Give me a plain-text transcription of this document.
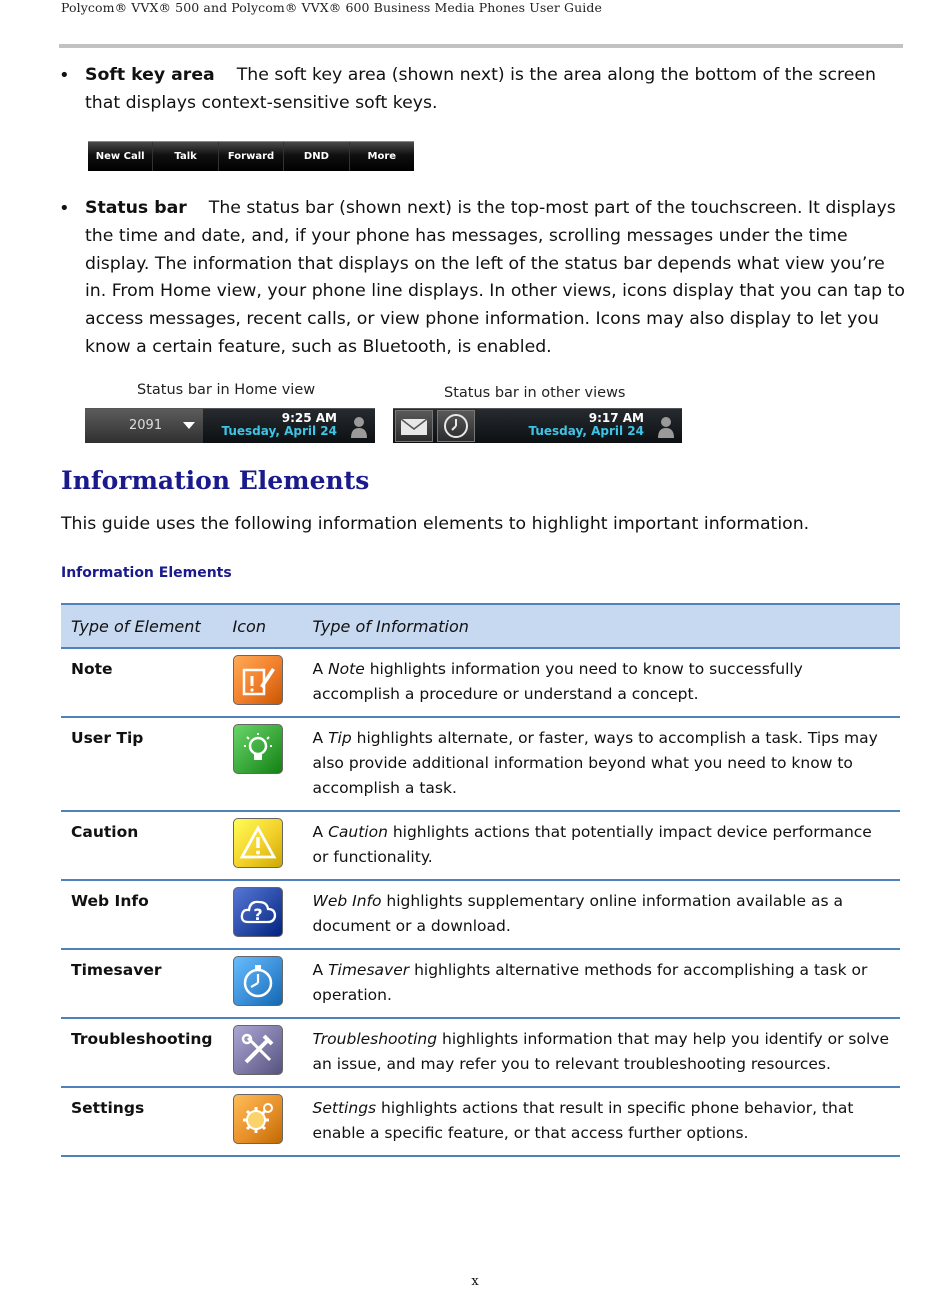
Polycom® VVX® 500 and Polycom® VVX® 600 Business Media Phones User Guide
• Soft key area The soft key area (shown next) is the area along the bottom of the screen that displays context-sensitive soft keys.
New Call	Talk	Forward	DND	More
• Status bar The status bar (shown next) is the top-most part of the touchscreen. It displays the time and date, and, if your phone has messages, scrolling messages under the time display. The information that displays on the left of the status bar depends what view you’re in. From Home view, your phone line displays. In other views, icons display that you can tap to access messages, recent calls, or view phone information. Icons may also display to let you know a certain feature, such as Bluetooth, is enabled.
Status bar in Home view	Status bar in other views
2091	9:25 AM
Tuesday, April 24
9:17 AM
Tuesday, April 24
Information Elements
This guide uses the following information elements to highlight important information.
Information Elements
Type of Element	Icon	Type of Information
Note		A Note highlights information you need to know to successfully accomplish a procedure or understand a concept.
User Tip		A Tip highlights alternate, or faster, ways to accomplish a task. Tips may also provide additional information beyond what you need to know to accomplish a task.
Caution		A Caution highlights actions that potentially impact device performance or functionality.
Web Info	?	Web Info highlights supplementary online information available as a document or a download.
Timesaver		A Timesaver highlights alternative methods for accomplishing a task or operation.
Troubleshooting		Troubleshooting highlights information that may help you identify or solve an issue, and may refer you to relevant troubleshooting resources.
Settings		Settings highlights actions that result in specific phone behavior, that enable a specific feature, or that access further options.
x
